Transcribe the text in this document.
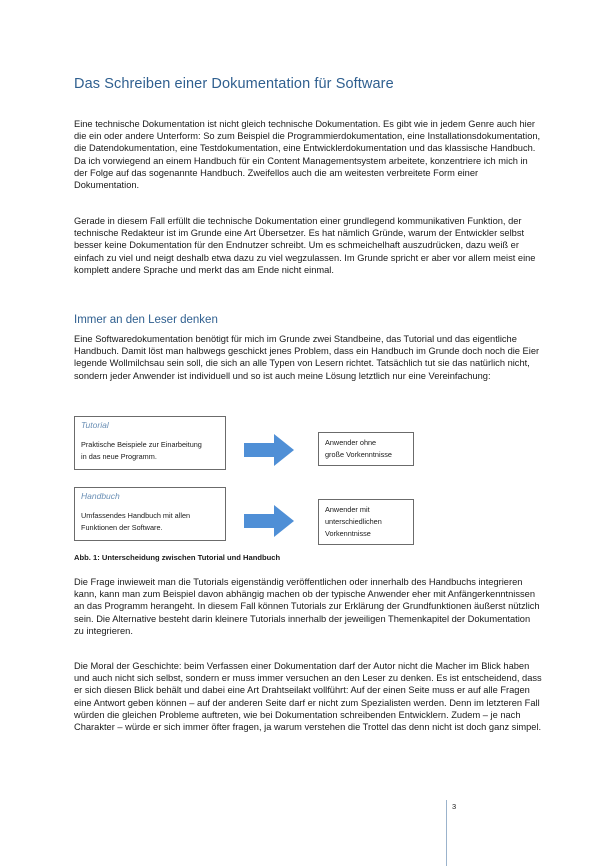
Das Schreiben einer Dokumentation für Software

Eine technische Dokumentation ist nicht gleich technische Dokumentation. Es gibt wie in jedem Genre auch hier die ein oder andere Unterform: So zum Beispiel die Programmierdokumentation, eine Installationsdokumentation, die Datendokumentation, eine Testdokumentation, eine Entwicklerdokumentation und das klassische Handbuch. Da ich vorwiegend an einem Handbuch für ein Content Managementsystem arbeitete, konzentriere ich mich in der Folge auf das sogenannte Handbuch. Zweifellos auch die am weitesten verbreitete Form einer Dokumentation.

Gerade in diesem Fall erfüllt die technische Dokumentation einer grundlegend kommunikativen Funktion, der technische Redakteur ist im Grunde eine Art Übersetzer. Es hat nämlich Gründe, warum der Entwickler selbst besser keine Dokumentation für den Endnutzer schreibt. Um es schmeichelhaft auszudrücken, dazu weiß er einfach zu viel und neigt deshalb etwa dazu zu viel wegzulassen. Im Grunde spricht er aber vor allem meist eine komplett andere Sprache und merkt das am Ende nicht einmal.

Immer an den Leser denken

Eine Softwaredokumentation benötigt für mich im Grunde zwei Standbeine, das Tutorial und das eigentliche Handbuch. Damit löst man halbwegs geschickt jenes Problem, dass ein Handbuch im Grunde doch noch die Eier legende Wollmilchsau sein soll, die sich an alle Typen von Lesern richtet. Tatsächlich tut sie das natürlich nicht, sondern jeder Anwender ist individuell und so ist auch meine Lösung letztlich nur eine Vereinfachung:

Tutorial
Praktische Beispiele zur Einarbeitung
in das neue Programm.
Anwender ohne
große Vorkenntnisse
Handbuch
Umfassendes Handbuch mit allen
Funktionen der Software.
Anwender mit
unterschiedlichen
Vorkenntnisse
Abb. 1: Unterscheidung zwischen Tutorial und Handbuch

Die Frage inwieweit man die Tutorials eigenständig veröffentlichen oder innerhalb des Handbuchs integrieren kann, kann man zum Beispiel davon abhängig machen ob der typische Anwender eher mit Anfängerkenntnissen an das Programm herangeht. In diesem Fall können Tutorials zur Erklärung der Grundfunktionen äußerst nützlich sein. Die Alternative besteht darin kleinere Tutorials innerhalb der jeweiligen Themenkapitel der Dokumentation zu integrieren.

Die Moral der Geschichte: beim Verfassen einer Dokumentation darf der Autor nicht die Macher im Blick haben und auch nicht sich selbst, sondern er muss immer versuchen an den Leser zu denken. Es ist entscheidend, dass er sich diesen Blick behält und dabei eine Art Drahtseilakt vollführt: Auf der einen Seite muss er auf alle Fragen eine Antwort geben können – auf der anderen Seite darf er nicht zum Spezialisten werden. Denn im letzteren Fall würden die gleichen Probleme auftreten, wie bei Dokumentation schreibenden Entwicklern. Zudem – je nach Charakter – würde er sich immer öfter fragen, ja warum verstehen die Trottel das denn nicht ist doch ganz simpel.

3
